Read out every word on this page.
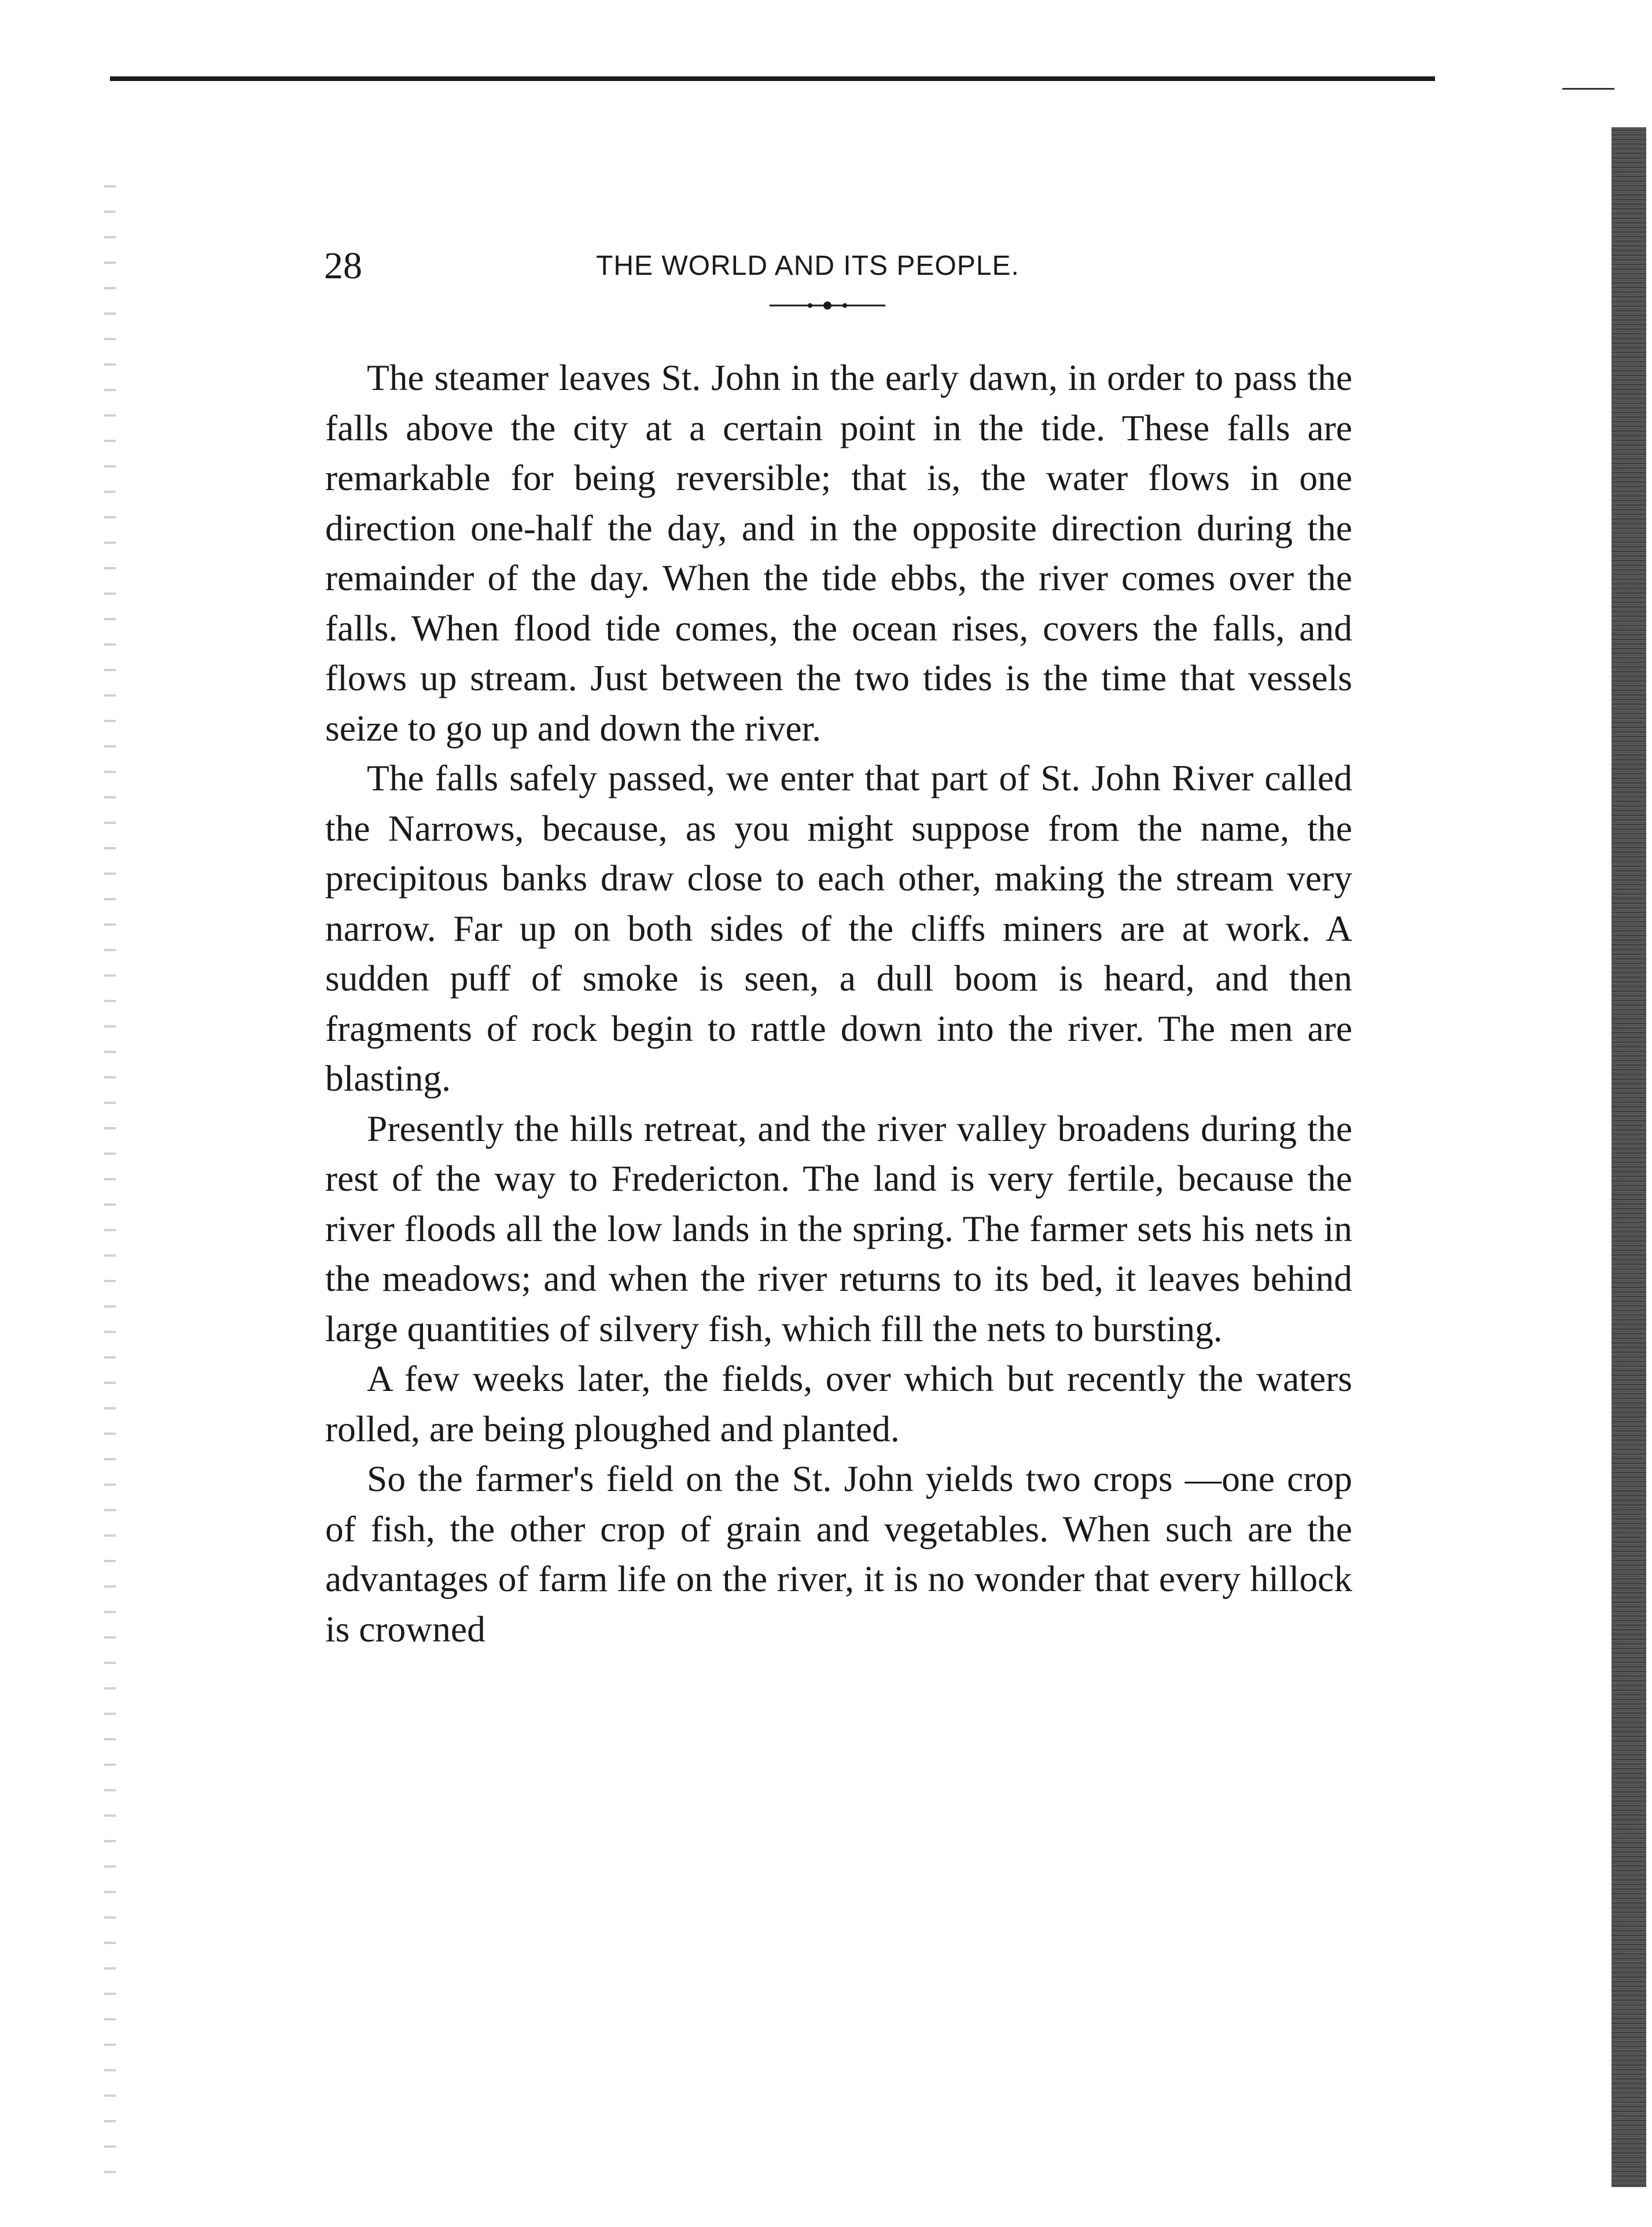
28	THE WORLD AND ITS PEOPLE.

The steamer leaves St. John in the early dawn, in order to pass the falls above the city at a certain point in the tide. These falls are remarkable for being reversible; that is, the water flows in one direction one-half the day, and in the opposite direction during the remainder of the day. When the tide ebbs, the river comes over the falls. When flood tide comes, the ocean rises, covers the falls, and flows up stream. Just between the two tides is the time that vessels seize to go up and down the river.

The falls safely passed, we enter that part of St. John River called the Narrows, because, as you might suppose from the name, the precipitous banks draw close to each other, making the stream very narrow. Far up on both sides of the cliffs miners are at work. A sudden puff of smoke is seen, a dull boom is heard, and then fragments of rock begin to rattle down into the river. The men are blasting.

Presently the hills retreat, and the river valley broadens during the rest of the way to Fredericton. The land is very fertile, because the river floods all the low lands in the spring. The farmer sets his nets in the meadows; and when the river returns to its bed, it leaves behind large quantities of silvery fish, which fill the nets to bursting.

A few weeks later, the fields, over which but recently the waters rolled, are being ploughed and planted.

So the farmer's field on the St. John yields two crops —one crop of fish, the other crop of grain and vegetables. When such are the advantages of farm life on the river, it is no wonder that every hillock is crowned
